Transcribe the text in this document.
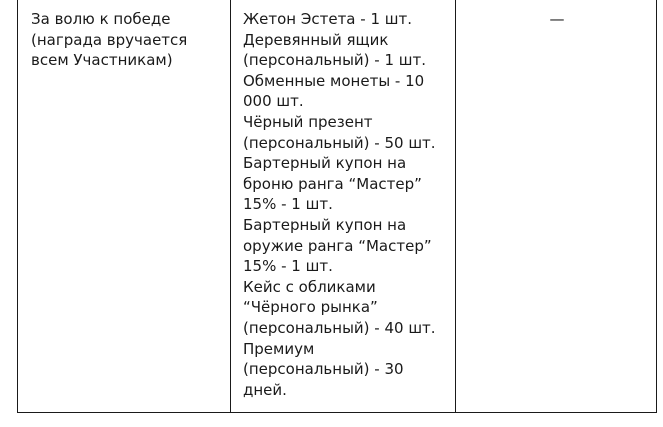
За волю к победе
(награда вручается
всем Участникам)
Жетон Эстета - 1 шт.
Деревянный ящик
(персональный) - 1 шт.
Обменные монеты - 10
000 шт.
Чёрный презент
(персональный) - 50 шт.
Бартерный купон на
броню ранга “Мастер”
15% - 1 шт.
Бартерный купон на
оружие ранга “Мастер”
15% - 1 шт.
Кейс с обликами
“Чёрного рынка”
(персональный) - 40 шт.
Премиум
(персональный) - 30
дней.
—
